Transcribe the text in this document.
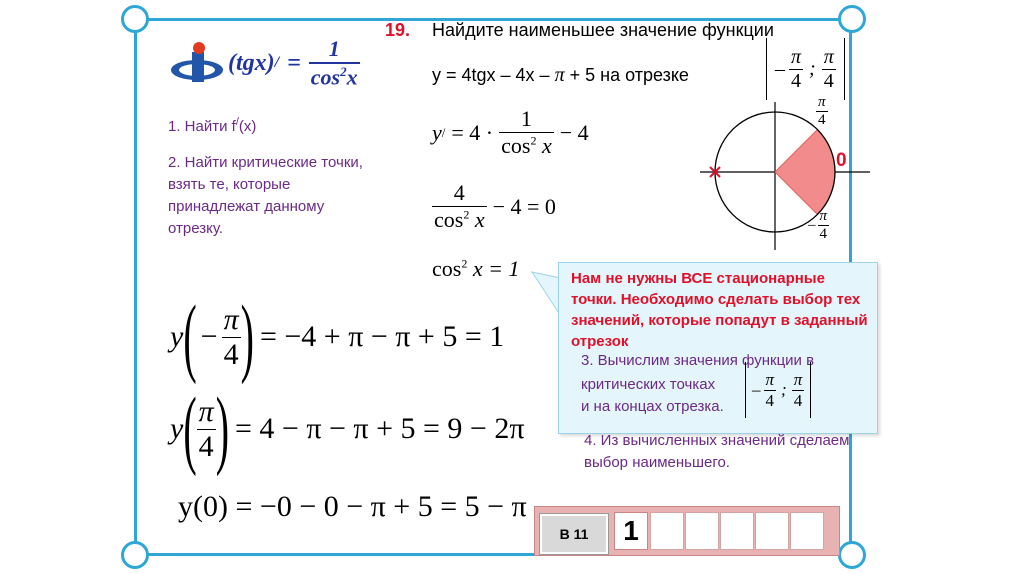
(tgx) / = $\frac{1}{\cos^2x}$
19. Найдите наименьшее значение функции
y = 4tgx – 4x – π + 5 на отрезке	– $\frac{\pi}{4}$ ; $\frac{\pi}{4}$
1. Найти f/(x)
2. Найти критические точки, взять те, которые принадлежат данному отрезку.
y / = $4 \cdot \frac{1}{\cos^2 x} - 4$
$\frac{4}{\cos^2 x} - 4 = 0$
$\cos^2 x = 1$
$\frac{\pi}{4}$
0
– $\frac{\pi}{4}$
Нам не нужны ВСЕ стационарные точки. Необходимо сделать выбор тех значений, которые попадут в заданный отрезок
3. Вычислим значения функции в
критических точках
и на концах отрезка.
– $\frac{\pi}{4}$ ; $\frac{\pi}{4}$
4. Из вычисленных значений сделаем выбор наименьшего.
y ( − $\frac{\pi}{4}$ ) = −4 + π − π + 5 = 1
y ( $\frac{\pi}{4}$ ) = 4 − π − π + 5 = 9 − 2π
y(0) = −0 − 0 − π + 5 = 5 − π
В 11 1
